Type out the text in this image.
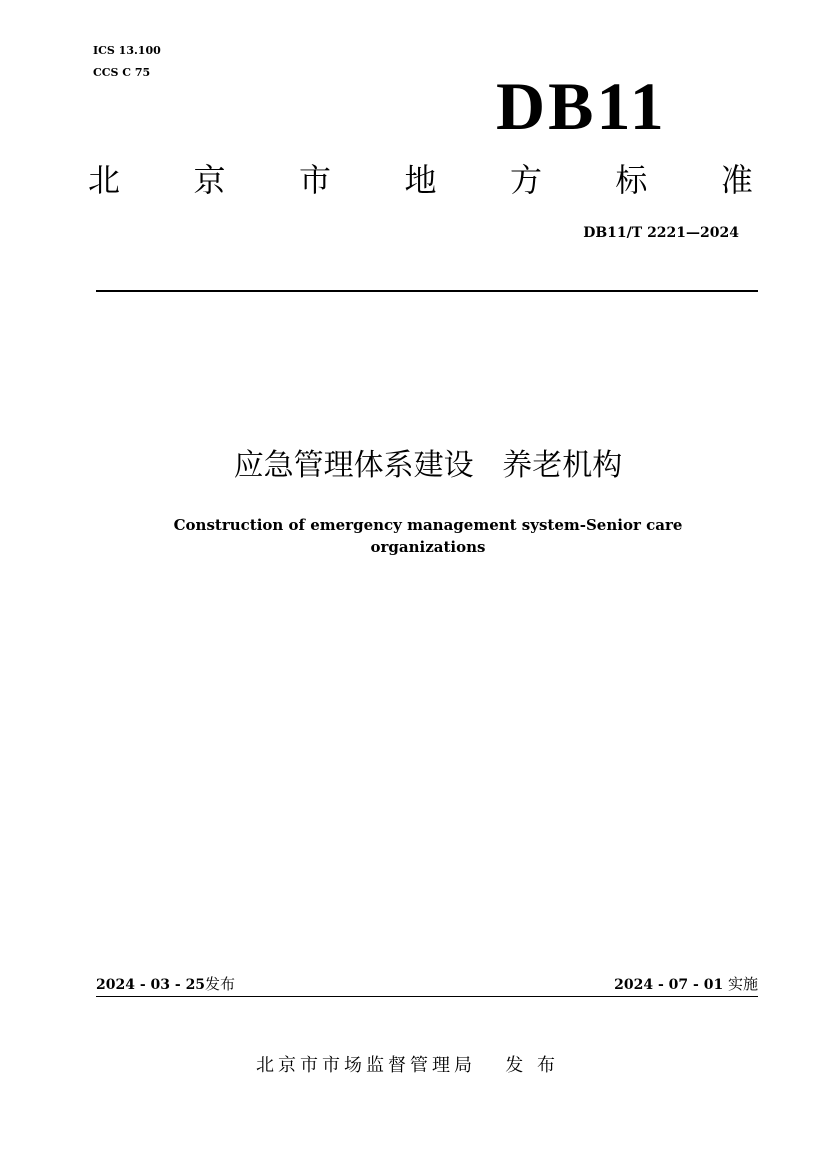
ICS 13.100
CCS C 75	DB11
北 京 市 地 方 标 准
DB11/T 2221—2024
应急管理体系建设   养老机构
Construction of emergency management system-Senior care organizations
2024 - 03 - 25发布	2024 - 07 - 01 实施
北京市市场监督管理局 发 布
